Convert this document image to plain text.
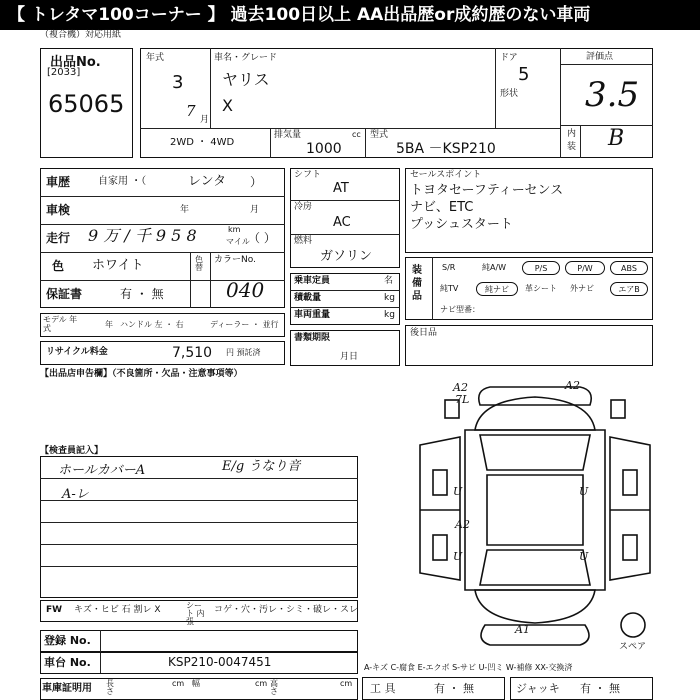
【 トレタマ100コーナー 】 過去100日以上 AA出品歴or成約歴のない車両
（複合機）対応用紙
出品No.
[2033]
65065
年式
3
7 月
車名・グレード
ヤリス
X
ドア
5
形状
評価点
3.5
内
装 B
2WD ・ 4WD
排気量	cc
1000
型式
5BA －KSP210
車歴	自家用 ・（	レンタ ）
車検	年	月
走行 9 万 / 千 9 5 8	km
マイル
（ ）
色 ホワイト	色替
カラーNo.
040
保証書	有 ・ 無
シフト
AT
冷房
AC
燃料
ガソリン
乗車定員	名
積載量	kg
車両重量	kg
書類期限
月日
セールスポイント
トヨタセーフティーセンス
ナビ、ETC
プッシュスタート
装備品
S/R	純A/W	P/S	P/W	ABS
純TV	純ナビ	革シート 外ナビ	エアB
ナビ型番：
後日品
モデル 年式	年 ハンドル 左 ・ 右	ディーラー ・ 並行
リサイクル料金	7,510 円 預託済
【出品店申告欄】（不良箇所・欠品・注意事項等）
【検査員記入】
ホールカバーA
A-レ
E/g うなり音
FW キズ・ヒビ 石 割レ X	シート 内 張
コゲ・穴・汚レ・シミ・破レ・スレ
登録 No.
車台 No.	KSP210-0047451
車庫証明用 長さ
cm 幅	cm 高さ
cm
A-キズ C-腐食 E-エクボ S-サビ U-凹ミ W-補修 XX-交換済
工 具	有 ・ 無	ジャッキ 有 ・ 無
A2
7L
A2
U	U
U	U
A2
A1
スペア
